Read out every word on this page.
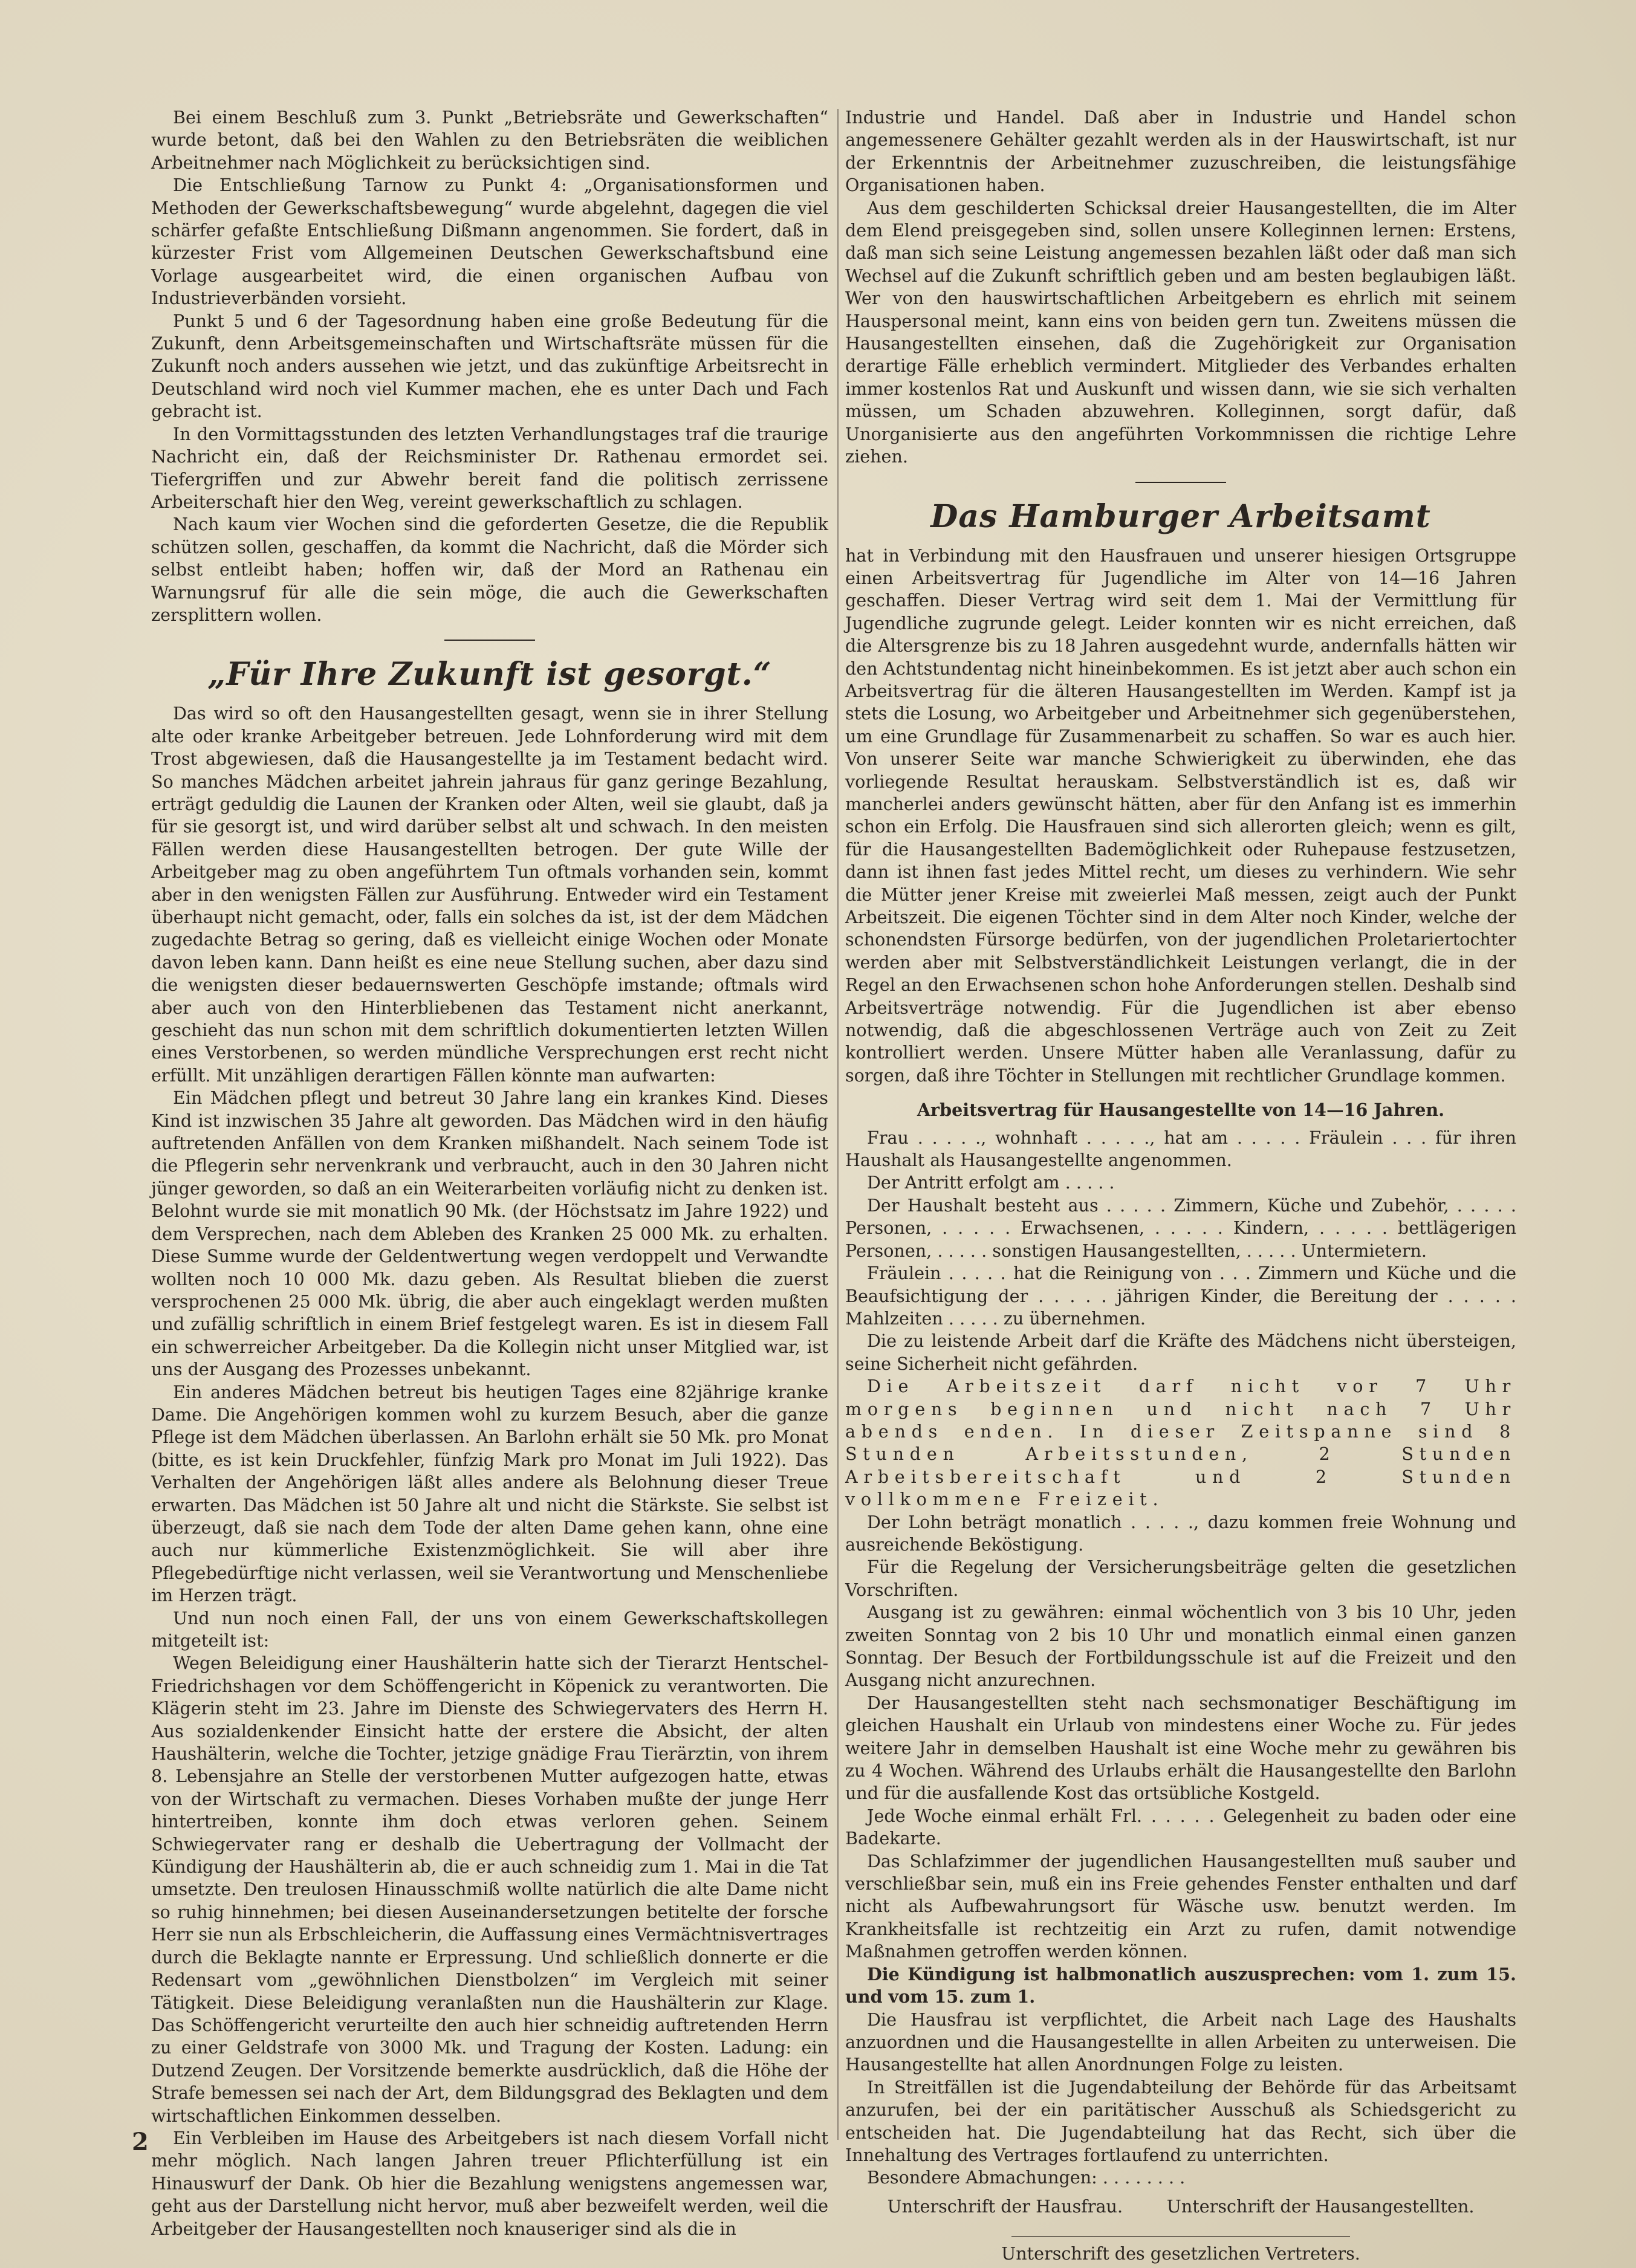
Bei einem Beschluß zum 3. Punkt „Betriebsräte und Gewerkschaften“ wurde betont, daß bei den Wahlen zu den Betriebsräten die weiblichen Arbeitnehmer nach Möglichkeit zu berücksichtigen sind.

Die Entschließung Tarnow zu Punkt 4: „Organisationsformen und Methoden der Gewerkschaftsbewegung“ wurde abgelehnt, dagegen die viel schärfer gefaßte Entschließung Dißmann angenommen. Sie fordert, daß in kürzester Frist vom Allgemeinen Deutschen Gewerkschaftsbund eine Vorlage ausgearbeitet wird, die einen organischen Aufbau von Industrieverbänden vorsieht.

Punkt 5 und 6 der Tagesordnung haben eine große Bedeutung für die Zukunft, denn Arbeitsgemeinschaften und Wirtschaftsräte müssen für die Zukunft noch anders aussehen wie jetzt, und das zukünftige Arbeitsrecht in Deutschland wird noch viel Kummer machen, ehe es unter Dach und Fach gebracht ist.

In den Vormittagsstunden des letzten Verhandlungstages traf die traurige Nachricht ein, daß der Reichsminister Dr. Rathenau ermordet sei. Tiefergriffen und zur Abwehr bereit fand die politisch zerrissene Arbeiterschaft hier den Weg, vereint gewerkschaftlich zu schlagen.

Nach kaum vier Wochen sind die geforderten Gesetze, die die Republik schützen sollen, geschaffen, da kommt die Nachricht, daß die Mörder sich selbst entleibt haben; hoffen wir, daß der Mord an Rathenau ein Warnungsruf für alle die sein möge, die auch die Gewerkschaften zersplittern wollen.

„Für Ihre Zukunft ist gesorgt.“

Das wird so oft den Hausangestellten gesagt, wenn sie in ihrer Stellung alte oder kranke Arbeitgeber betreuen. Jede Lohnforderung wird mit dem Trost abgewiesen, daß die Hausangestellte ja im Testament bedacht wird. So manches Mädchen arbeitet jahrein jahraus für ganz geringe Bezahlung, erträgt geduldig die Launen der Kranken oder Alten, weil sie glaubt, daß ja für sie gesorgt ist, und wird darüber selbst alt und schwach. In den meisten Fällen werden diese Hausangestellten betrogen. Der gute Wille der Arbeitgeber mag zu oben angeführtem Tun oftmals vorhanden sein, kommt aber in den wenigsten Fällen zur Ausführung. Entweder wird ein Testament überhaupt nicht gemacht, oder, falls ein solches da ist, ist der dem Mädchen zugedachte Betrag so gering, daß es vielleicht einige Wochen oder Monate davon leben kann. Dann heißt es eine neue Stellung suchen, aber dazu sind die wenigsten dieser bedauernswerten Geschöpfe imstande; oftmals wird aber auch von den Hinterbliebenen das Testament nicht anerkannt, geschieht das nun schon mit dem schriftlich dokumentierten letzten Willen eines Verstorbenen, so werden mündliche Versprechungen erst recht nicht erfüllt. Mit unzähligen derartigen Fällen könnte man aufwarten:

Ein Mädchen pflegt und betreut 30 Jahre lang ein krankes Kind. Dieses Kind ist inzwischen 35 Jahre alt geworden. Das Mädchen wird in den häufig auftretenden Anfällen von dem Kranken mißhandelt. Nach seinem Tode ist die Pflegerin sehr nervenkrank und verbraucht, auch in den 30 Jahren nicht jünger geworden, so daß an ein Weiterarbeiten vorläufig nicht zu denken ist. Belohnt wurde sie mit monatlich 90 Mk. (der Höchstsatz im Jahre 1922) und dem Versprechen, nach dem Ableben des Kranken 25 000 Mk. zu erhalten. Diese Summe wurde der Geldentwertung wegen verdoppelt und Verwandte wollten noch 10 000 Mk. dazu geben. Als Resultat blieben die zuerst versprochenen 25 000 Mk. übrig, die aber auch eingeklagt werden mußten und zufällig schriftlich in einem Brief festgelegt waren. Es ist in diesem Fall ein schwerreicher Arbeitgeber. Da die Kollegin nicht unser Mitglied war, ist uns der Ausgang des Prozesses unbekannt.

Ein anderes Mädchen betreut bis heutigen Tages eine 82jährige kranke Dame. Die Angehörigen kommen wohl zu kurzem Besuch, aber die ganze Pflege ist dem Mädchen überlassen. An Barlohn erhält sie 50 Mk. pro Monat (bitte, es ist kein Druckfehler, fünfzig Mark pro Monat im Juli 1922). Das Verhalten der Angehörigen läßt alles andere als Belohnung dieser Treue erwarten. Das Mädchen ist 50 Jahre alt und nicht die Stärkste. Sie selbst ist überzeugt, daß sie nach dem Tode der alten Dame gehen kann, ohne eine auch nur kümmerliche Existenzmöglichkeit. Sie will aber ihre Pflegebedürftige nicht verlassen, weil sie Verantwortung und Menschenliebe im Herzen trägt.

Und nun noch einen Fall, der uns von einem Gewerkschaftskollegen mitgeteilt ist:

Wegen Beleidigung einer Haushälterin hatte sich der Tierarzt Hentschel-Friedrichshagen vor dem Schöffengericht in Köpenick zu verantworten. Die Klägerin steht im 23. Jahre im Dienste des Schwiegervaters des Herrn H. Aus sozialdenkender Einsicht hatte der erstere die Absicht, der alten Haushälterin, welche die Tochter, jetzige gnädige Frau Tierärztin, von ihrem 8. Lebensjahre an Stelle der verstorbenen Mutter aufgezogen hatte, etwas von der Wirtschaft zu vermachen. Dieses Vorhaben mußte der junge Herr hintertreiben, konnte ihm doch etwas verloren gehen. Seinem Schwiegervater rang er deshalb die Uebertragung der Vollmacht der Kündigung der Haushälterin ab, die er auch schneidig zum 1. Mai in die Tat umsetzte. Den treulosen Hinausschmiß wollte natürlich die alte Dame nicht so ruhig hinnehmen; bei diesen Auseinandersetzungen betitelte der forsche Herr sie nun als Erbschleicherin, die Auffassung eines Vermächtnisvertrages durch die Beklagte nannte er Erpressung. Und schließlich donnerte er die Redensart vom „gewöhnlichen Dienstbolzen“ im Vergleich mit seiner Tätigkeit. Diese Beleidigung veranlaßten nun die Haushälterin zur Klage. Das Schöffengericht verurteilte den auch hier schneidig auftretenden Herrn zu einer Geldstrafe von 3000 Mk. und Tragung der Kosten. Ladung: ein Dutzend Zeugen. Der Vorsitzende bemerkte ausdrücklich, daß die Höhe der Strafe bemessen sei nach der Art, dem Bildungsgrad des Beklagten und dem wirtschaftlichen Einkommen desselben.

Ein Verbleiben im Hause des Arbeitgebers ist nach diesem Vorfall nicht mehr möglich. Nach langen Jahren treuer Pflichterfüllung ist ein Hinauswurf der Dank. Ob hier die Bezahlung wenigstens angemessen war, geht aus der Darstellung nicht hervor, muß aber bezweifelt werden, weil die Arbeitgeber der Hausangestellten noch knauseriger sind als die in

Industrie und Handel. Daß aber in Industrie und Handel schon angemessenere Gehälter gezahlt werden als in der Hauswirtschaft, ist nur der Erkenntnis der Arbeitnehmer zuzuschreiben, die leistungsfähige Organisationen haben.

Aus dem geschilderten Schicksal dreier Hausangestellten, die im Alter dem Elend preisgegeben sind, sollen unsere Kolleginnen lernen: Erstens, daß man sich seine Leistung angemessen bezahlen läßt oder daß man sich Wechsel auf die Zukunft schriftlich geben und am besten beglaubigen läßt. Wer von den hauswirtschaftlichen Arbeitgebern es ehrlich mit seinem Hauspersonal meint, kann eins von beiden gern tun. Zweitens müssen die Hausangestellten einsehen, daß die Zugehörigkeit zur Organisation derartige Fälle erheblich vermindert. Mitglieder des Verbandes erhalten immer kostenlos Rat und Auskunft und wissen dann, wie sie sich verhalten müssen, um Schaden abzuwehren. Kolleginnen, sorgt dafür, daß Unorganisierte aus den angeführten Vorkommnissen die richtige Lehre ziehen.

Das Hamburger Arbeitsamt

hat in Verbindung mit den Hausfrauen und unserer hiesigen Ortsgruppe einen Arbeitsvertrag für Jugendliche im Alter von 14—16 Jahren geschaffen. Dieser Vertrag wird seit dem 1. Mai der Vermittlung für Jugendliche zugrunde gelegt. Leider konnten wir es nicht erreichen, daß die Altersgrenze bis zu 18 Jahren ausgedehnt wurde, andernfalls hätten wir den Achtstundentag nicht hineinbekommen. Es ist jetzt aber auch schon ein Arbeitsvertrag für die älteren Hausangestellten im Werden. Kampf ist ja stets die Losung, wo Arbeitgeber und Arbeitnehmer sich gegenüberstehen, um eine Grundlage für Zusammenarbeit zu schaffen. So war es auch hier. Von unserer Seite war manche Schwierigkeit zu überwinden, ehe das vorliegende Resultat herauskam. Selbstverständlich ist es, daß wir mancherlei anders gewünscht hätten, aber für den Anfang ist es immerhin schon ein Erfolg. Die Hausfrauen sind sich allerorten gleich; wenn es gilt, für die Hausangestellten Bademöglichkeit oder Ruhepause festzusetzen, dann ist ihnen fast jedes Mittel recht, um dieses zu verhindern. Wie sehr die Mütter jener Kreise mit zweierlei Maß messen, zeigt auch der Punkt Arbeitszeit. Die eigenen Töchter sind in dem Alter noch Kinder, welche der schonendsten Fürsorge bedürfen, von der jugendlichen Proletariertochter werden aber mit Selbstverständlichkeit Leistungen verlangt, die in der Regel an den Erwachsenen schon hohe Anforderungen stellen. Deshalb sind Arbeitsverträge notwendig. Für die Jugendlichen ist aber ebenso notwendig, daß die abgeschlossenen Verträge auch von Zeit zu Zeit kontrolliert werden. Unsere Mütter haben alle Veranlassung, dafür zu sorgen, daß ihre Töchter in Stellungen mit rechtlicher Grundlage kommen.

Arbeitsvertrag für Hausangestellte von 14—16 Jahren.

Frau . . . . ., wohnhaft . . . . ., hat am . . . . . Fräulein . . . für ihren Haushalt als Hausangestellte angenommen.

Der Antritt erfolgt am . . . . .

Der Haushalt besteht aus . . . . . Zimmern, Küche und Zubehör, . . . . . Personen, . . . . . Erwachsenen, . . . . . Kindern, . . . . . bettlägerigen Personen, . . . . . sonstigen Hausangestellten, . . . . . Untermietern.

Fräulein . . . . . hat die Reinigung von . . . Zimmern und Küche und die Beaufsichtigung der . . . . . jährigen Kinder, die Bereitung der . . . . . Mahlzeiten . . . . . zu übernehmen.

Die zu leistende Arbeit darf die Kräfte des Mädchens nicht übersteigen, seine Sicherheit nicht gefährden.

Die Arbeitszeit darf nicht vor 7 Uhr morgens beginnen und nicht nach 7 Uhr abends enden. In dieser Zeitspanne sind 8 Stunden Arbeitsstunden, 2 Stunden Arbeitsbereitschaft und 2 Stunden vollkommene Freizeit.

Der Lohn beträgt monatlich . . . . ., dazu kommen freie Wohnung und ausreichende Beköstigung.

Für die Regelung der Versicherungsbeiträge gelten die gesetzlichen Vorschriften.

Ausgang ist zu gewähren: einmal wöchentlich von 3 bis 10 Uhr, jeden zweiten Sonntag von 2 bis 10 Uhr und monatlich einmal einen ganzen Sonntag. Der Besuch der Fortbildungsschule ist auf die Freizeit und den Ausgang nicht anzurechnen.

Der Hausangestellten steht nach sechsmonatiger Beschäftigung im gleichen Haushalt ein Urlaub von mindestens einer Woche zu. Für jedes weitere Jahr in demselben Haushalt ist eine Woche mehr zu gewähren bis zu 4 Wochen. Während des Urlaubs erhält die Hausangestellte den Barlohn und für die ausfallende Kost das ortsübliche Kostgeld.

Jede Woche einmal erhält Frl. . . . . . Gelegenheit zu baden oder eine Badekarte.

Das Schlafzimmer der jugendlichen Hausangestellten muß sauber und verschließbar sein, muß ein ins Freie gehendes Fenster enthalten und darf nicht als Aufbewahrungsort für Wäsche usw. benutzt werden. Im Krankheitsfalle ist rechtzeitig ein Arzt zu rufen, damit notwendige Maßnahmen getroffen werden können.

Die Kündigung ist halbmonatlich auszusprechen: vom 1. zum 15. und vom 15. zum 1.

Die Hausfrau ist verpflichtet, die Arbeit nach Lage des Haushalts anzuordnen und die Hausangestellte in allen Arbeiten zu unterweisen. Die Hausangestellte hat allen Anordnungen Folge zu leisten.

In Streitfällen ist die Jugendabteilung der Behörde für das Arbeitsamt anzurufen, bei der ein paritätischer Ausschuß als Schiedsgericht zu entscheiden hat. Die Jugendabteilung hat das Recht, sich über die Innehaltung des Vertrages fortlaufend zu unterrichten.

Besondere Abmachungen: . . . . . . . .

Unterschrift der Hausfrau.        Unterschrift der Hausangestellten.
Unterschrift des gesetzlichen Vertreters.
2
